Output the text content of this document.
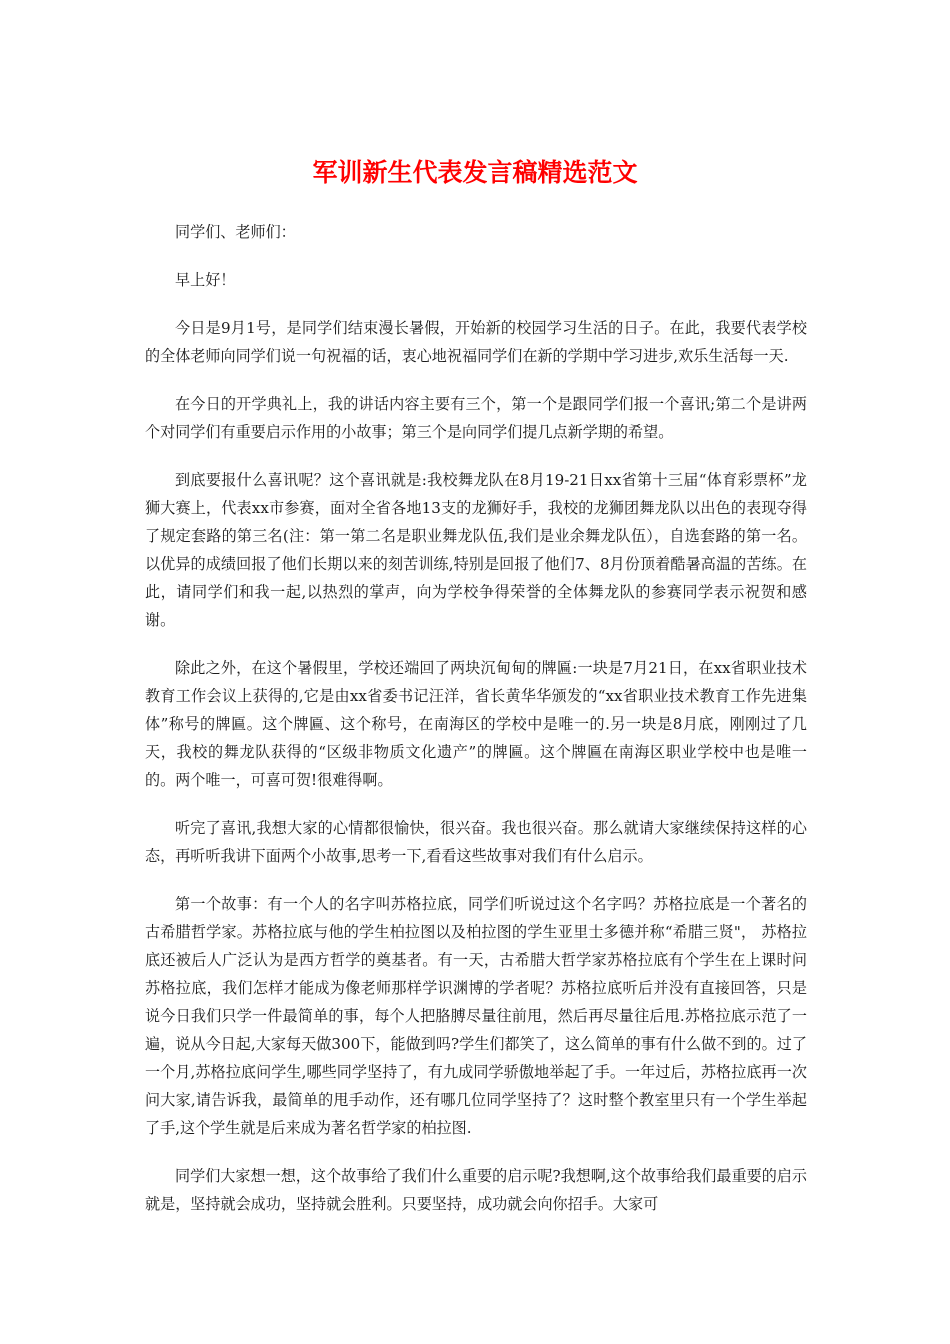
军训新生代表发言稿精选范文

同学们、老师们：

早上好！

今日是9月1号，是同学们结束漫长暑假，开始新的校园学习生活的日子。在此，我要代表学校的全体老师向同学们说一句祝福的话，衷心地祝福同学们在新的学期中学习进步,欢乐生活每一天.

在今日的开学典礼上，我的讲话内容主要有三个，第一个是跟同学们报一个喜讯;第二个是讲两个对同学们有重要启示作用的小故事；第三个是向同学们提几点新学期的希望。

到底要报什么喜讯呢？这个喜讯就是:我校舞龙队在8月19-21日xx省第十三届“体育彩票杯”龙狮大赛上，代表xx市参赛，面对全省各地13支的龙狮好手，我校的龙狮团舞龙队以出色的表现夺得了规定套路的第三名(注：第一第二名是职业舞龙队伍,我们是业余舞龙队伍），自选套路的第一名。以优异的成绩回报了他们长期以来的刻苦训练,特别是回报了他们7、8月份顶着酷暑高温的苦练。在此，请同学们和我一起,以热烈的掌声，向为学校争得荣誉的全体舞龙队的参赛同学表示祝贺和感谢。

除此之外，在这个暑假里，学校还端回了两块沉甸甸的牌匾:一块是7月21日，在xx省职业技术教育工作会议上获得的,它是由xx省委书记汪洋，省长黄华华颁发的“xx省职业技术教育工作先进集体”称号的牌匾。这个牌匾、这个称号，在南海区的学校中是唯一的.另一块是8月底，刚刚过了几天，我校的舞龙队获得的“区级非物质文化遗产”的牌匾。这个牌匾在南海区职业学校中也是唯一的。两个唯一，可喜可贺!很难得啊。

听完了喜讯,我想大家的心情都很愉快，很兴奋。我也很兴奋。那么就请大家继续保持这样的心态，再听听我讲下面两个小故事,思考一下,看看这些故事对我们有什么启示。

第一个故事：有一个人的名字叫苏格拉底，同学们听说过这个名字吗？苏格拉底是一个著名的古希腊哲学家。苏格拉底与他的学生柏拉图以及柏拉图的学生亚里士多德并称“希腊三贤"， 苏格拉底还被后人广泛认为是西方哲学的奠基者。有一天，古希腊大哲学家苏格拉底有个学生在上课时问苏格拉底，我们怎样才能成为像老师那样学识渊博的学者呢？苏格拉底听后并没有直接回答，只是说今日我们只学一件最简单的事，每个人把胳膊尽量往前甩，然后再尽量往后甩.苏格拉底示范了一遍，说从今日起,大家每天做300下，能做到吗?学生们都笑了，这么简单的事有什么做不到的。过了一个月,苏格拉底问学生,哪些同学坚持了，有九成同学骄傲地举起了手。一年过后，苏格拉底再一次问大家,请告诉我，最简单的甩手动作，还有哪几位同学坚持了？这时整个教室里只有一个学生举起了手,这个学生就是后来成为著名哲学家的柏拉图.

同学们大家想一想，这个故事给了我们什么重要的启示呢?我想啊,这个故事给我们最重要的启示就是，坚持就会成功，坚持就会胜利。只要坚持，成功就会向你招手。大家可
